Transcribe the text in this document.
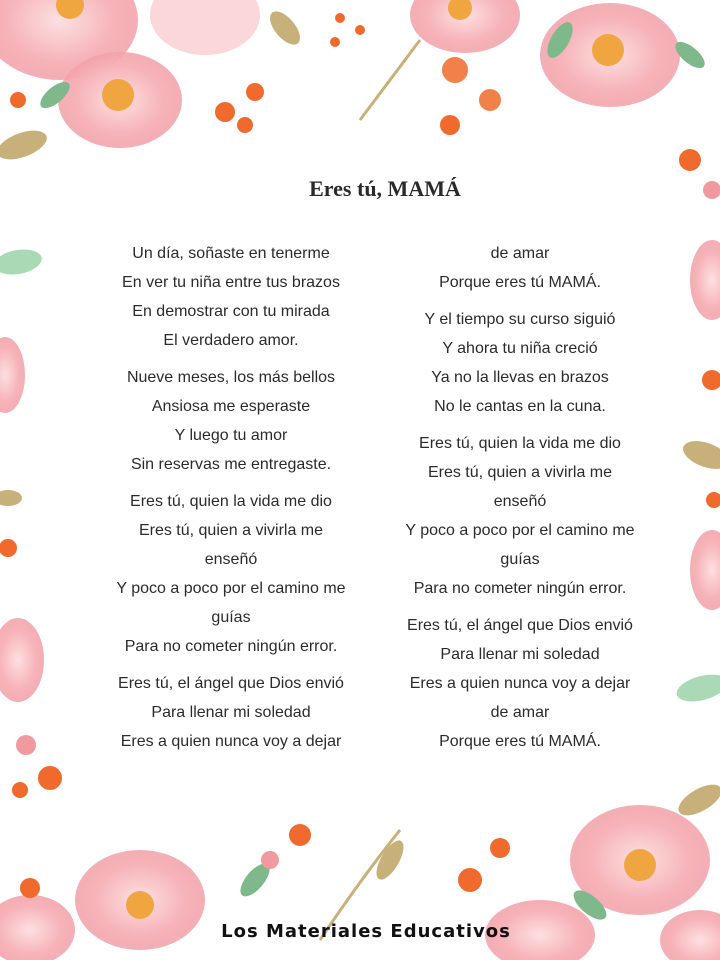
Eres tú, MAMÁ
Un día, soñaste en tenerme
En ver tu niña entre tus brazos
En demostrar con tu mirada
El verdadero amor.
Nueve meses, los más bellos
Ansiosa me esperaste
Y luego tu amor
Sin reservas me entregaste.
Eres tú, quien la vida me dio
Eres tú, quien a vivirla me
enseñó
Y poco a poco por el camino me
guías
Para no cometer ningún error.
Eres tú, el ángel que Dios envió
Para llenar mi soledad
Eres a quien nunca voy a dejar
de amar
Porque eres tú MAMÁ.
Y el tiempo su curso siguió
Y ahora tu niña creció
Ya no la llevas en brazos
No le cantas en la cuna.
Eres tú, quien la vida me dio
Eres tú, quien a vivirla me
enseñó
Y poco a poco por el camino me
guías
Para no cometer ningún error.
Eres tú, el ángel que Dios envió
Para llenar mi soledad
Eres a quien nunca voy a dejar
de amar
Porque eres tú MAMÁ.
Los Materiales Educativos
